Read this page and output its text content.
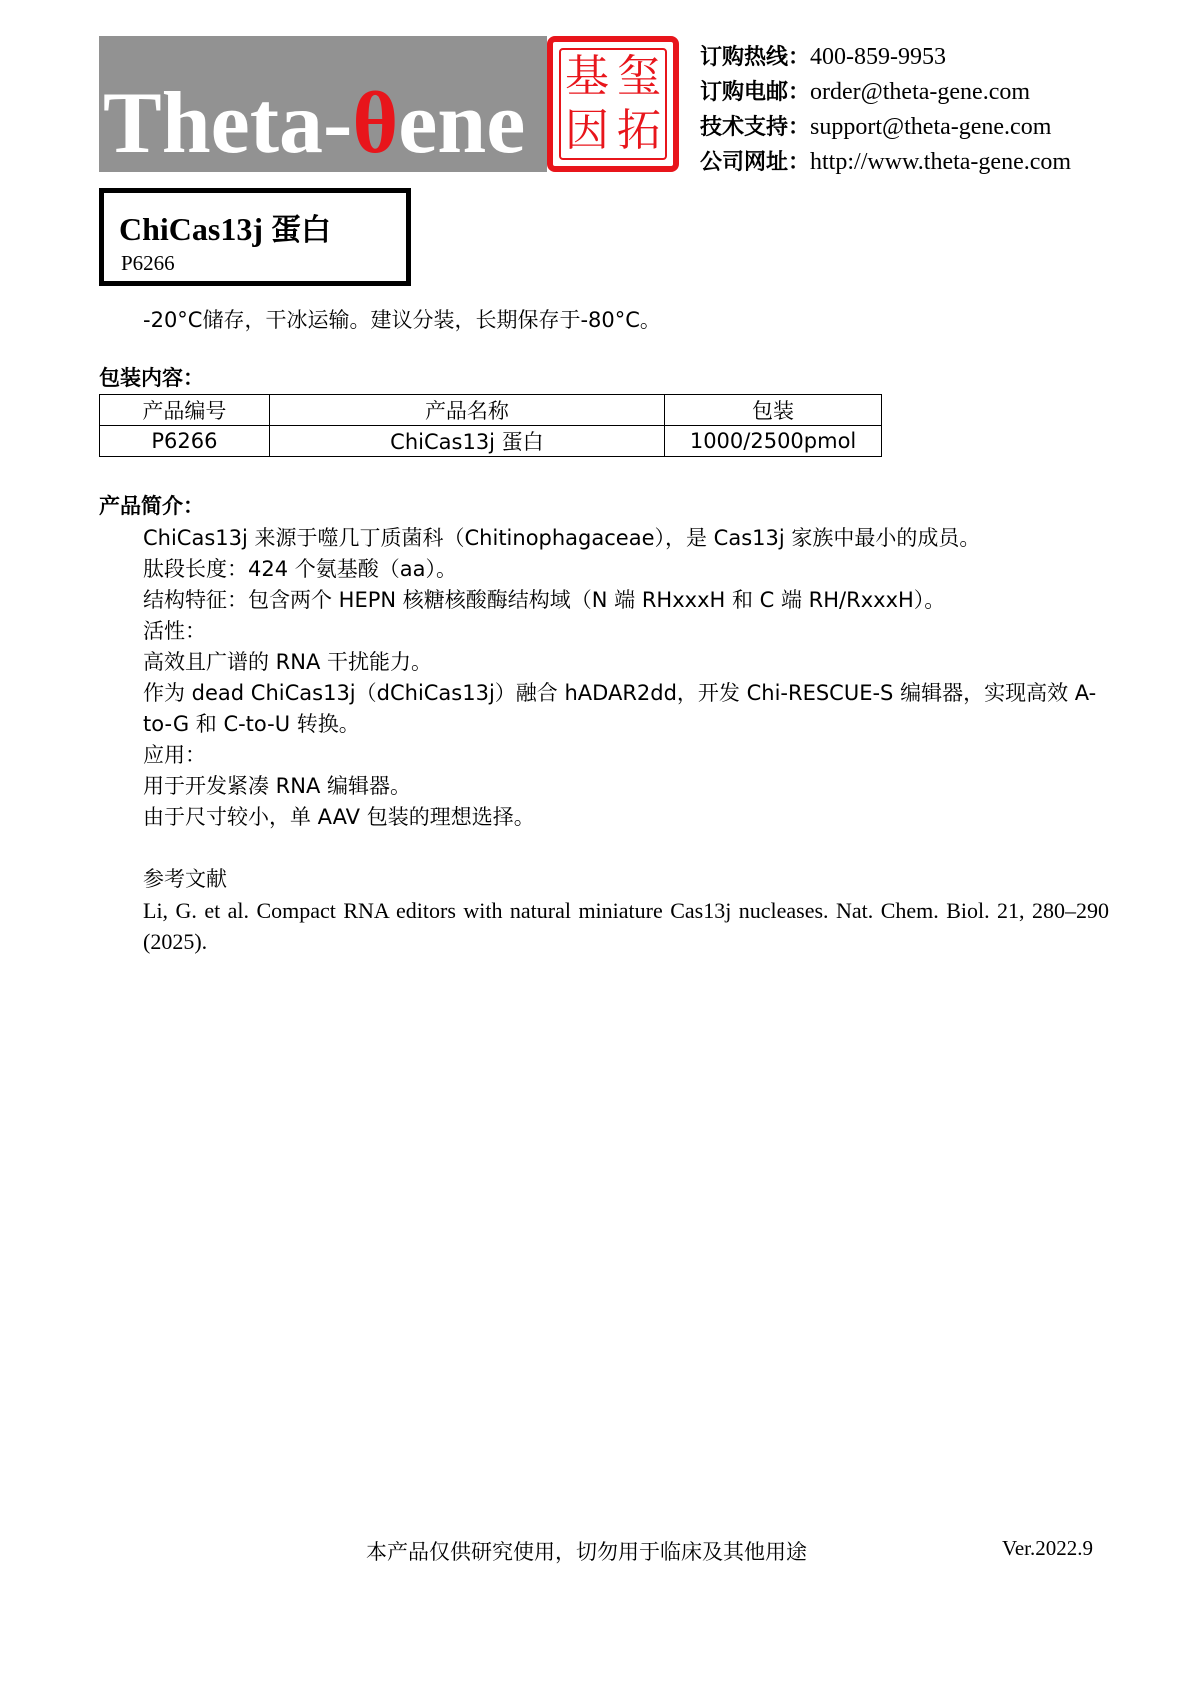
Theta-θene 基 玺
因 拓
订购热线：400-859-9953
订购电邮：order@theta-gene.com
技术支持：support@theta-gene.com
公司网址：http://www.theta-gene.com
ChiCas13j 蛋白
P6266
-20°C储存，干冰运输。建议分装，长期保存于-80°C。
包装内容：
产品编号	产品名称	包装
P6266	ChiCas13j 蛋白	1000/2500pmol
产品简介：

ChiCas13j 来源于噬几丁质菌科（Chitinophagaceae），是 Cas13j 家族中最小的成员。

肽段长度：424 个氨基酸（aa）。

结构特征：包含两个 HEPN 核糖核酸酶结构域（N 端 RHxxxH 和 C 端 RH/RxxxH）。

活性：

高效且广谱的 RNA 干扰能力。

作为 dead ChiCas13j（dChiCas13j）融合 hADAR2dd，开发 Chi-RESCUE-S 编辑器，实现高效 A-to-G 和 C-to-U 转换。

应用：

用于开发紧凑 RNA 编辑器。

由于尺寸较小，单 AAV 包装的理想选择。

参考文献

Li, G. et al. Compact RNA editors with natural miniature Cas13j nucleases. Nat. Chem. Biol. 21, 280–290 (2025).

本产品仅供研究使用，切勿用于临床及其他用途	Ver.2022.9
